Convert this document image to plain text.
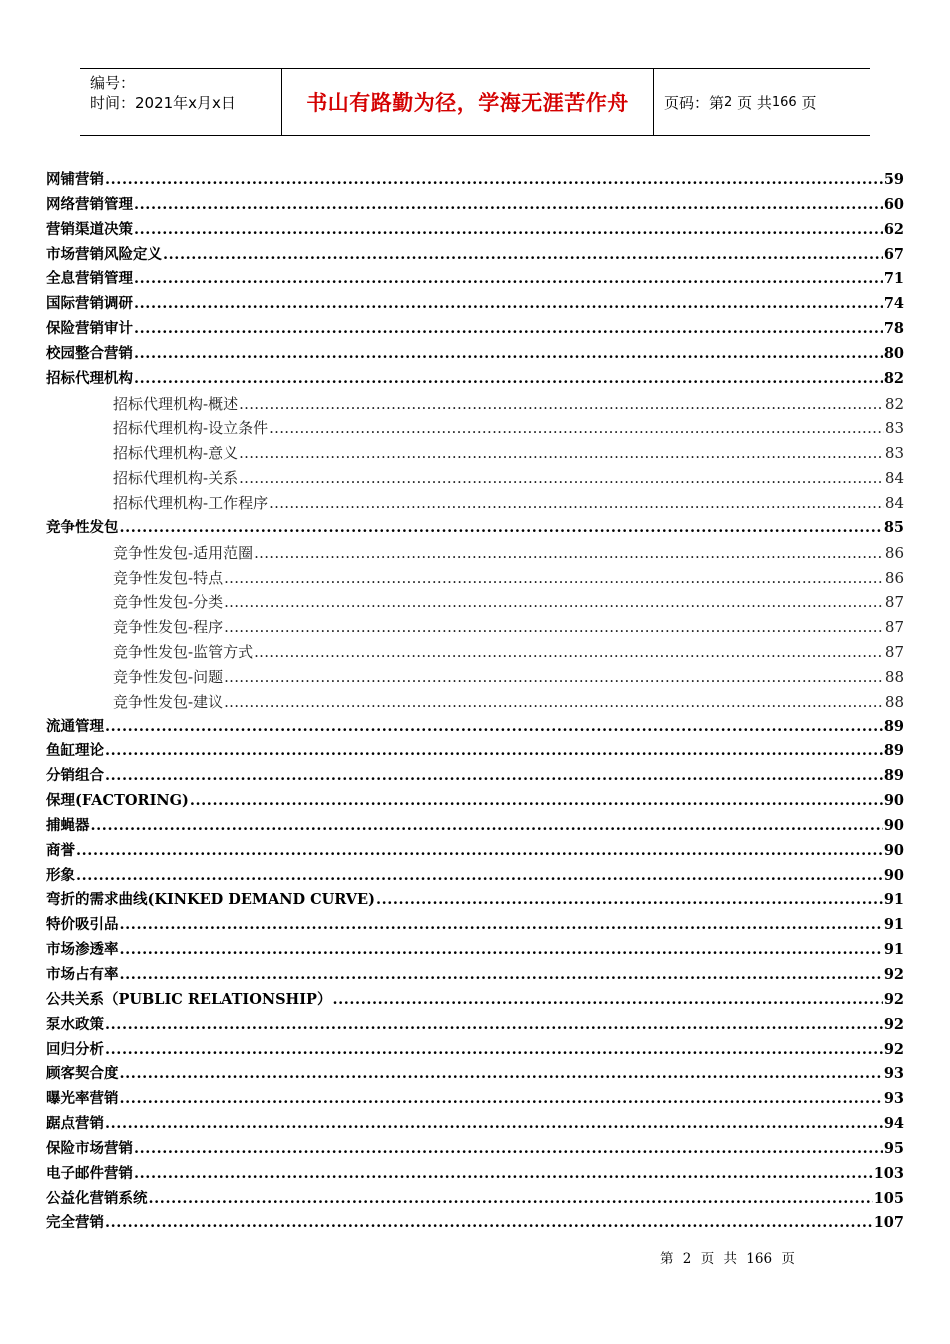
编号：
时间：2021年x月x日	书山有路勤为径，学海无涯苦作舟	页码：第 2
页 共 166
页
网铺营销 .....	59
网络营销管理 .....	60
营销渠道决策 .....	62
市场营销风险定义 .....	67
全息营销管理 .....	71
国际营销调研 .....	74
保险营销审计 .....	78
校园整合营销 .....	80
招标代理机构 .....	82
招标代理机构-概述 .....	82
招标代理机构-设立条件 .....	83
招标代理机构-意义 .....	83
招标代理机构-关系 .....	84
招标代理机构-工作程序 .....	84
竞争性发包 .....	85
竞争性发包-适用范圈 .....	86
竞争性发包-特点 .....	86
竞争性发包-分类 .....	87
竞争性发包-程序 .....	87
竞争性发包-监管方式 .....	87
竞争性发包-问题 .....	88
竞争性发包-建议 .....	88
流通管理 .....	89
鱼缸理论 .....	89
分销组合 .....	89
保理(FACTORING) .....	90
捕蝇器 .....	90
商誉 .....	90
形象 .....	90
弯折的需求曲线(KINKED DEMAND CURVE) .....	91
特价吸引品 .....	91
市场渗透率 .....	91
市场占有率 .....	92
公共关系（PUBLIC RELATIONSHIP） .....	92
泵水政策 .....	92
回归分析 .....	92
顾客契合度 .....	93
曝光率营销 .....	93
踞点营销 .....	94
保险市场营销 .....	95
电子邮件营销 .....	103
公益化营销系统 .....	105
完全营销 .....	107
第 2 页 共 166 页
